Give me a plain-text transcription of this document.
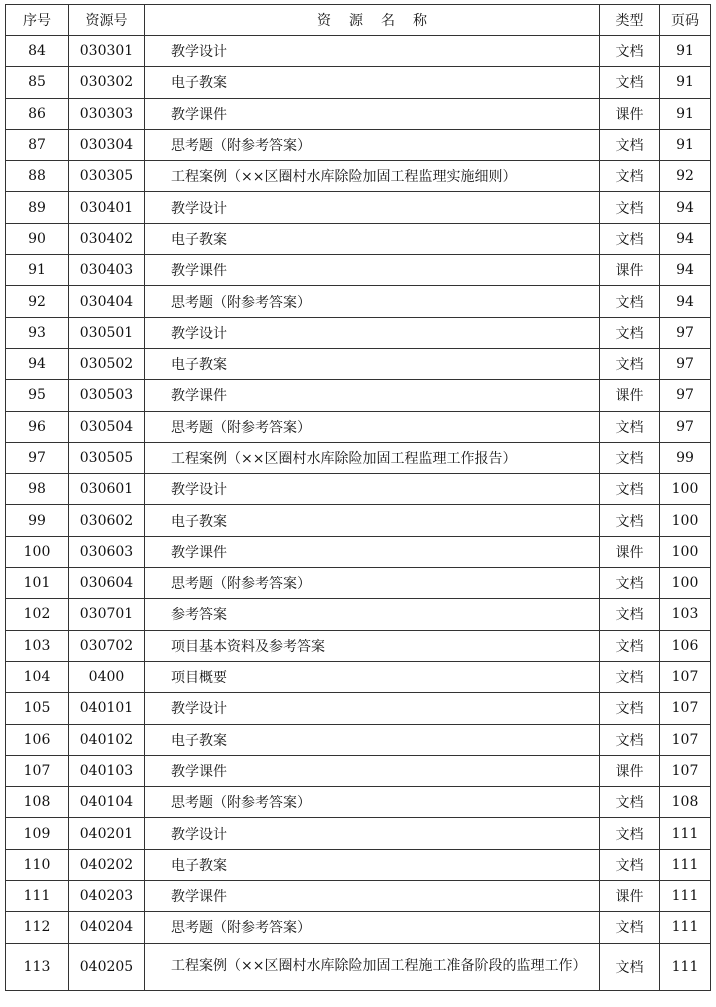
序号	资源号	资源名称	类型	页码
84	030301	教学设计	文档	91
85	030302	电子教案	文档	91
86	030303	教学课件	课件	91
87	030304	思考题（附参考答案）	文档	91
88	030305	工程案例（××区圈村水库除险加固工程监理实施细则）	文档	92
89	030401	教学设计	文档	94
90	030402	电子教案	文档	94
91	030403	教学课件	课件	94
92	030404	思考题（附参考答案）	文档	94
93	030501	教学设计	文档	97
94	030502	电子教案	文档	97
95	030503	教学课件	课件	97
96	030504	思考题（附参考答案）	文档	97
97	030505	工程案例（××区圈村水库除险加固工程监理工作报告）	文档	99
98	030601	教学设计	文档	100
99	030602	电子教案	文档	100
100	030603	教学课件	课件	100
101	030604	思考题（附参考答案）	文档	100
102	030701	参考答案	文档	103
103	030702	项目基本资料及参考答案	文档	106
104	0400	项目概要	文档	107
105	040101	教学设计	文档	107
106	040102	电子教案	文档	107
107	040103	教学课件	课件	107
108	040104	思考题（附参考答案）	文档	108
109	040201	教学设计	文档	111
110	040202	电子教案	文档	111
111	040203	教学课件	课件	111
112	040204	思考题（附参考答案）	文档	111
113	040205	工程案例（××区圈村水库除险加固工程施工准备阶段的监理工作）	文档	111
